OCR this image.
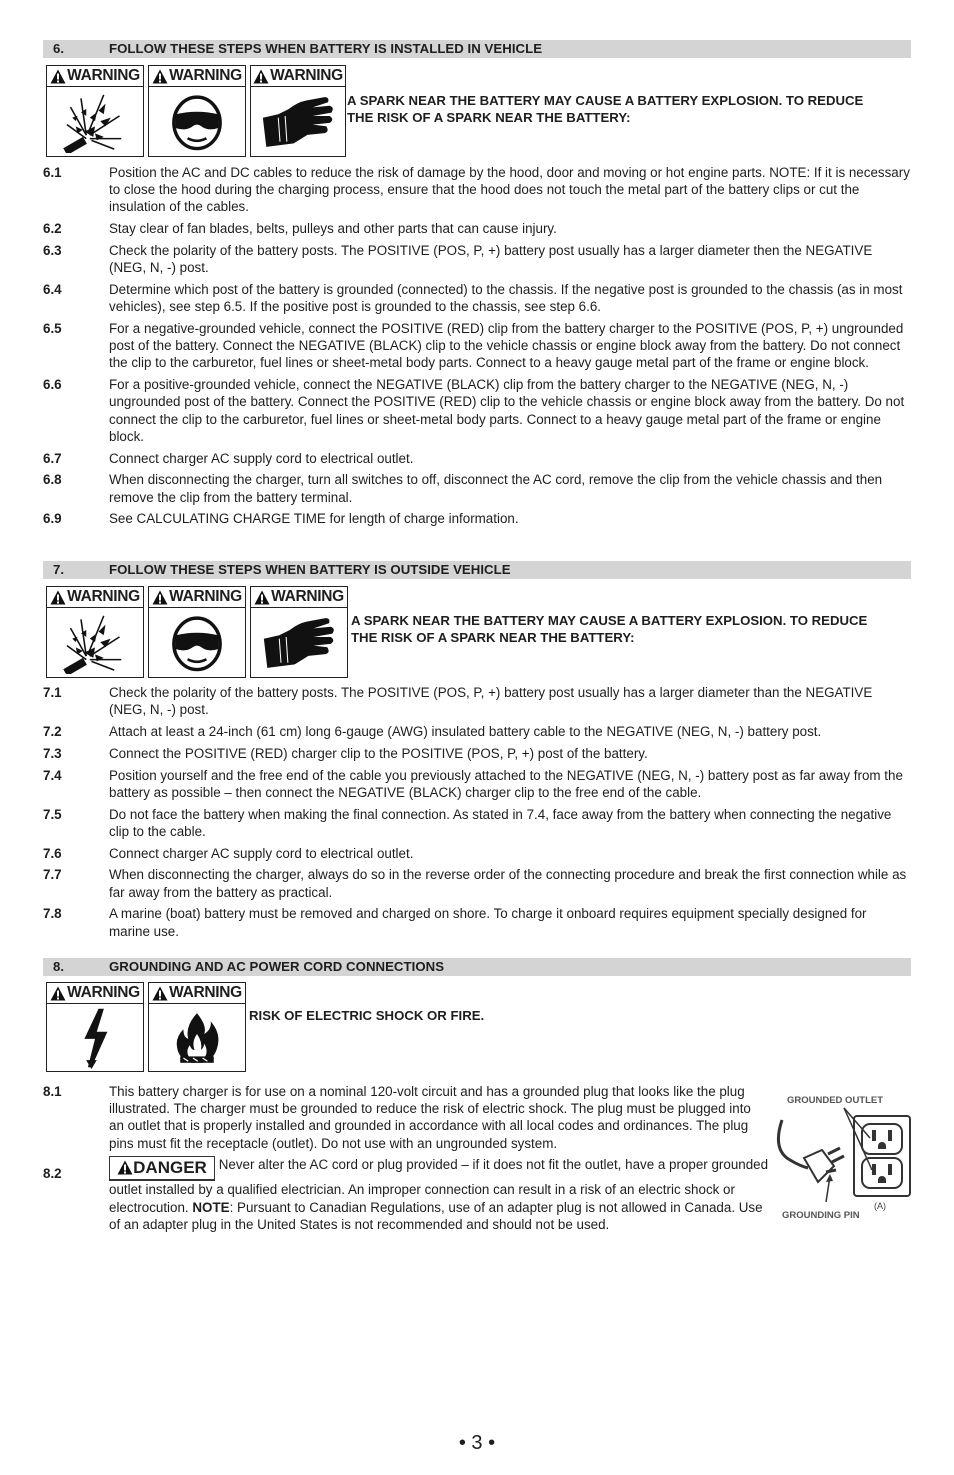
6.	FOLLOW THESE STEPS WHEN BATTERY IS INSTALLED IN VEHICLE
WARNING WARNING WARNING
A SPARK NEAR THE BATTERY MAY CAUSE A BATTERY EXPLOSION. TO REDUCE THE RISK OF A SPARK NEAR THE BATTERY:
6.1	Position the AC and DC cables to reduce the risk of damage by the hood, door and moving or hot engine parts. NOTE: If it is necessary to close the hood during the charging process, ensure that the hood does not touch the metal part of the battery clips or cut the insulation of the cables.
6.2	Stay clear of fan blades, belts, pulleys and other parts that can cause injury.
6.3	Check the polarity of the battery posts. The POSITIVE (POS, P, +) battery post usually has a larger diameter then the NEGATIVE (NEG, N, -) post.
6.4	Determine which post of the battery is grounded (connected) to the chassis. If the negative post is grounded to the chassis (as in most vehicles), see step 6.5. If the positive post is grounded to the chassis, see step 6.6.
6.5	For a negative-grounded vehicle, connect the POSITIVE (RED) clip from the battery charger to the POSITIVE (POS, P, +) ungrounded post of the battery. Connect the NEGATIVE (BLACK) clip to the vehicle chassis or engine block away from the battery. Do not connect the clip to the carburetor, fuel lines or sheet-metal body parts. Connect to a heavy gauge metal part of the frame or engine block.
6.6	For a positive-grounded vehicle, connect the NEGATIVE (BLACK) clip from the battery charger to the NEGATIVE (NEG, N, -) ungrounded post of the battery. Connect the POSITIVE (RED) clip to the vehicle chassis or engine block away from the battery. Do not connect the clip to the carburetor, fuel lines or sheet-metal body parts. Connect to a heavy gauge metal part of the frame or engine block.
6.7	Connect charger AC supply cord to electrical outlet.
6.8	When disconnecting the charger, turn all switches to off, disconnect the AC cord, remove the clip from the vehicle chassis and then remove the clip from the battery terminal.
6.9	See CALCULATING CHARGE TIME for length of charge information.
7.	FOLLOW THESE STEPS WHEN BATTERY IS OUTSIDE VEHICLE
WARNING WARNING WARNING
A SPARK NEAR THE BATTERY MAY CAUSE A BATTERY EXPLOSION. TO REDUCE THE RISK OF A SPARK NEAR THE BATTERY:
7.1	Check the polarity of the battery posts. The POSITIVE (POS, P, +) battery post usually has a larger diameter than the NEGATIVE (NEG, N, -) post.
7.2	Attach at least a 24-inch (61 cm) long 6-gauge (AWG) insulated battery cable to the NEGATIVE (NEG, N, -) battery post.
7.3	Connect the POSITIVE (RED) charger clip to the POSITIVE (POS, P, +) post of the battery.
7.4	Position yourself and the free end of the cable you previously attached to the NEGATIVE (NEG, N, -) battery post as far away from the battery as possible – then connect the NEGATIVE (BLACK) charger clip to the free end of the cable.
7.5	Do not face the battery when making the final connection. As stated in 7.4, face away from the battery when connecting the negative clip to the cable.
7.6	Connect charger AC supply cord to electrical outlet.
7.7	When disconnecting the charger, always do so in the reverse order of the connecting procedure and break the first connection while as far away from the battery as practical.
7.8	A marine (boat) battery must be removed and charged on shore. To charge it onboard requires equipment specially designed for marine use.
8.	GROUNDING AND AC POWER CORD CONNECTIONS
WARNING WARNING
RISK OF ELECTRIC SHOCK OR FIRE.
8.1	This battery charger is for use on a nominal 120-volt circuit and has a grounded plug that looks like the plug illustrated. The charger must be grounded to reduce the risk of electric shock. The plug must be plugged into an outlet that is properly installed and grounded in accordance with all local codes and ordinances. The plug pins must fit the receptacle (outlet). Do not use with an ungrounded system.
8.2	DANGER Never alter the AC cord or plug provided – if it does not fit the outlet, have a proper grounded outlet installed by a qualified electrician. An improper connection can result in a risk of an electric shock or electrocution. NOTE: Pursuant to Canadian Regulations, use of an adapter plug is not allowed in Canada. Use of an adapter plug in the United States is not recommended and should not be used.
GROUNDED OUTLET
(A)
GROUNDING PIN
• 3 •
